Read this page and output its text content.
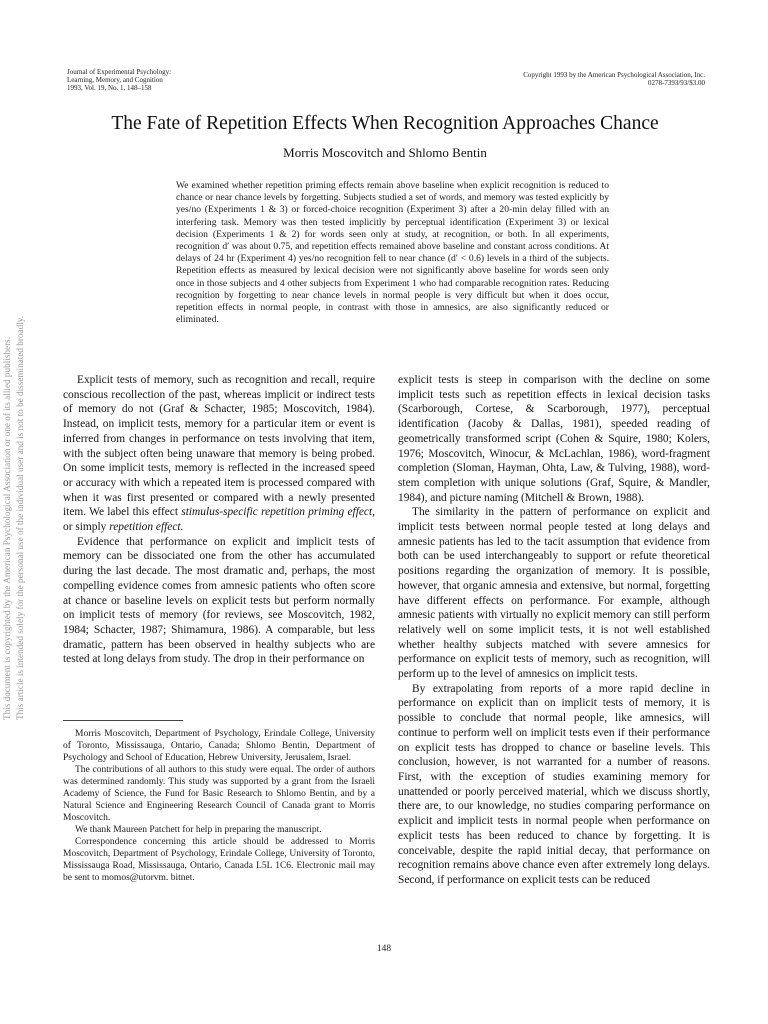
Journal of Experimental Psychology:
Learning, Memory, and Cognition
1993, Vol. 19, No. 1, 148–158
Copyright 1993 by the American Psychological Association, Inc.
0278-7393/93/$3.00
The Fate of Repetition Effects When Recognition Approaches Chance
Morris Moscovitch and Shlomo Bentin

We examined whether repetition priming effects remain above baseline when explicit recognition is reduced to chance or near chance levels by forgetting. Subjects studied a set of words, and memory was tested explicitly by yes/no (Experiments 1 & 3) or forced-choice recognition (Experiment 3) after a 20-min delay filled with an interfering task. Memory was then tested implicitly by perceptual identification (Experiment 3) or lexical decision (Experiments 1 & 2) for words seen only at study, at recognition, or both. In all experiments, recognition d′ was about 0.75, and repetition effects remained above baseline and constant across conditions. At delays of 24 hr (Experiment 4) yes/no recognition fell to near chance (d′ < 0.6) levels in a third of the subjects. Repetition effects as measured by lexical decision were not significantly above baseline for words seen only once in those subjects and 4 other subjects from Experiment 1 who had comparable recognition rates. Reducing recognition by forgetting to near chance levels in normal people is very difficult but when it does occur, repetition effects in normal people, in contrast with those in amnesics, are also significantly reduced or eliminated.

Explicit tests of memory, such as recognition and recall, require conscious recollection of the past, whereas implicit or indirect tests of memory do not (Graf & Schacter, 1985; Moscovitch, 1984). Instead, on implicit tests, memory for a particular item or event is inferred from changes in performance on tests involving that item, with the subject often being unaware that memory is being probed. On some implicit tests, memory is reflected in the increased speed or accuracy with which a repeated item is processed compared with when it was first presented or compared with a newly presented item. We label this effect stimulus-specific repetition priming effect, or simply repetition effect.

Evidence that performance on explicit and implicit tests of memory can be dissociated one from the other has accumulated during the last decade. The most dramatic and, perhaps, the most compelling evidence comes from amnesic patients who often score at chance or baseline levels on explicit tests but perform normally on implicit tests of memory (for reviews, see Moscovitch, 1982, 1984; Schacter, 1987; Shimamura, 1986). A comparable, but less dramatic, pattern has been observed in healthy subjects who are tested at long delays from study. The drop in their performance on

Morris Moscovitch, Department of Psychology, Erindale College, University of Toronto, Mississauga, Ontario, Canada; Shlomo Bentin, Department of Psychology and School of Education, Hebrew University, Jerusalem, Israel.

The contributions of all authors to this study were equal. The order of authors was determined randomly. This study was supported by a grant from the Israeli Academy of Science, the Fund for Basic Research to Shlomo Bentin, and by a Natural Science and Engineering Research Council of Canada grant to Morris Moscovitch.

We thank Maureen Patchett for help in preparing the manuscript.

Correspondence concerning this article should be addressed to Morris Moscovitch, Department of Psychology, Erindale College, University of Toronto, Mississauga Road, Mississauga, Ontario, Canada L5L 1C6. Electronic mail may be sent to momos@utorvm. bitnet.

explicit tests is steep in comparison with the decline on some implicit tests such as repetition effects in lexical decision tasks (Scarborough, Cortese, & Scarborough, 1977), perceptual identification (Jacoby & Dallas, 1981), speeded reading of geometrically transformed script (Cohen & Squire, 1980; Kolers, 1976; Moscovitch, Winocur, & McLachlan, 1986), word-fragment completion (Sloman, Hayman, Ohta, Law, & Tulving, 1988), word-stem completion with unique solutions (Graf, Squire, & Mandler, 1984), and picture naming (Mitchell & Brown, 1988).

The similarity in the pattern of performance on explicit and implicit tests between normal people tested at long delays and amnesic patients has led to the tacit assumption that evidence from both can be used interchangeably to support or refute theoretical positions regarding the organization of memory. It is possible, however, that organic amnesia and extensive, but normal, forgetting have different effects on performance. For example, although amnesic patients with virtually no explicit memory can still perform relatively well on some implicit tests, it is not well established whether healthy subjects matched with severe amnesics for performance on explicit tests of memory, such as recognition, will perform up to the level of amnesics on implicit tests.

By extrapolating from reports of a more rapid decline in performance on explicit than on implicit tests of memory, it is possible to conclude that normal people, like amnesics, will continue to perform well on implicit tests even if their performance on explicit tests has dropped to chance or baseline levels. This conclusion, however, is not warranted for a number of reasons. First, with the exception of studies examining memory for unattended or poorly perceived material, which we discuss shortly, there are, to our knowledge, no studies comparing performance on explicit and implicit tests in normal people when performance on explicit tests has been reduced to chance by forgetting. It is conceivable, despite the rapid initial decay, that performance on recognition remains above chance even after extremely long delays. Second, if performance on explicit tests can be reduced

148
This document is copyrighted by the American Psychological Association or one of its allied publishers. This article is intended solely for the personal use of the individual user and is not to be disseminated broadly.
